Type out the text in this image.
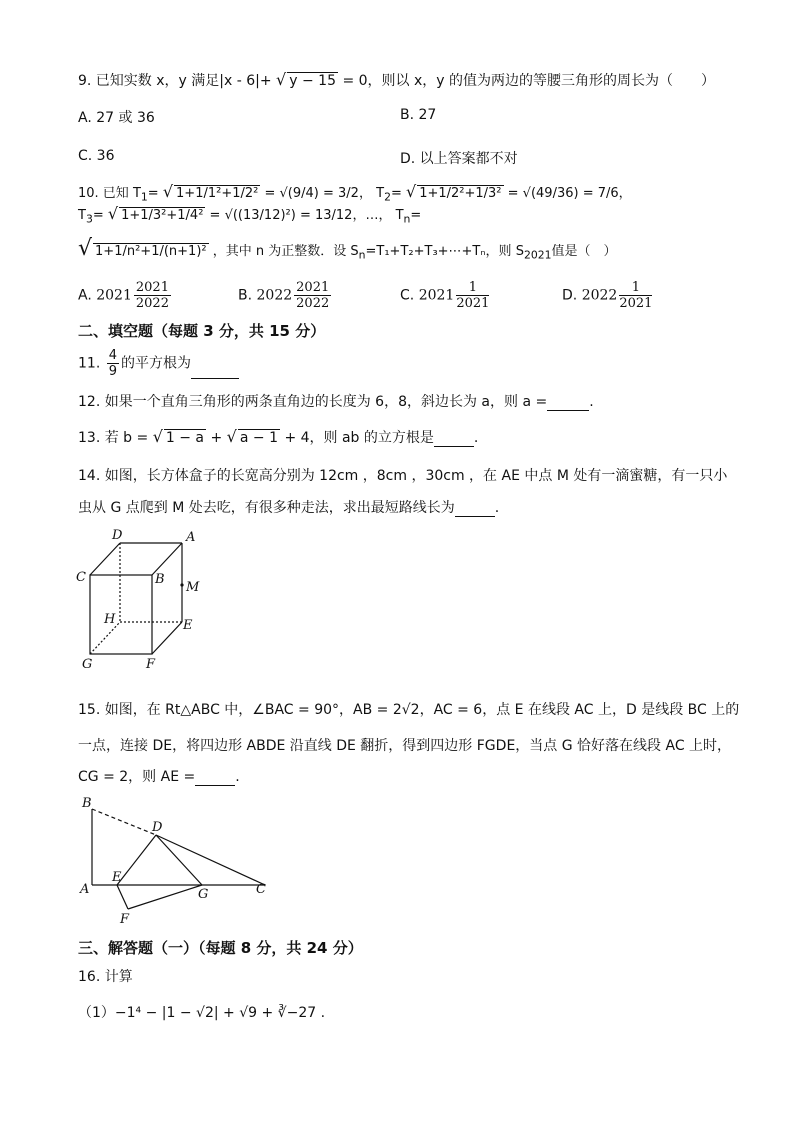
9. 已知实数 x，y 满足|x - 6|+ √ y − 15 = 0，则以 x，y 的值为两边的等腰三角形的周长为（　　）
A. 27 或 36	B. 27
C. 36	D. 以上答案都不对
10. 已知 $T_1=$ √ 1+1/1²+1/2² = √(9/4) = 3/2， $T_2=$ √ 1+1/2²+1/3² = √(49/36) = 7/6，
$T_3=$ √ 1+1/3²+1/4² = √((13/12)²) = 13/12，…， $T_n=$
√ 1+1/n²+1/(n+1)² ，其中 n 为正整数．设 $S_n=T_1+T_2+T_3+\cdots+T_n$，则 $S_{2021}$值是（　）
A. $2021 \frac{2021}{2022}$	B. $2022 \frac{2021}{2022}$	C. $2021 \frac{1}{2021}$	D. $2022 \frac{1}{2021}$
二、填空题（每题 3 分，共 15 分）
11. $\frac{4}{9}$ 的平方根为
12. 如果一个直角三角形的两条直角边的长度为 6，8，斜边长为 a，则 a =	.
13. 若 b = √ 1 − a + √ a − 1 + 4，则 ab 的立方根是	.
14. 如图，长方体盒子的长宽高分别为 12cm ，8cm ，30cm ，在 AE 中点 M 处有一滴蜜糖，有一只小
虫从 G 点爬到 M 处去吃，有很多种走法，求出最短路线长为	.
D	A
C	B
M
H	E
G	F
15. 如图，在 Rt△ABC 中，∠BAC = 90°，AB = 2√2，AC = 6，点 E 在线段 AC 上，D 是线段 BC 上的
一点，连接 DE，将四边形 ABDE 沿直线 DE 翻折，得到四边形 FGDE，当点 G 恰好落在线段 AC 上时，
CG = 2，则 AE =	.
B
D
A
E
G	C
F
三、解答题（一）（每题 8 分，共 24 分）
16. 计算
（1）−1⁴ − |1 − √2| + √9 + ∛−27 .
